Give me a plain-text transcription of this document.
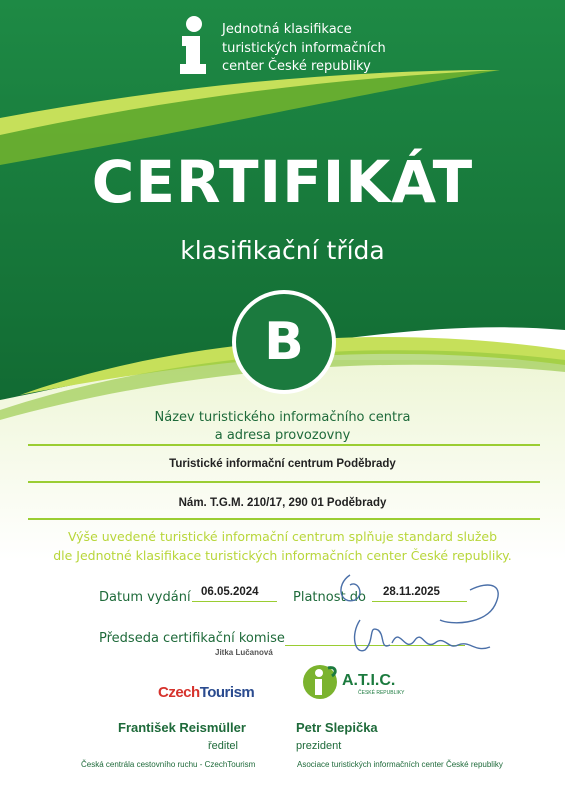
Jednotná klasifikace
turistických informačních
center České republiky
CERTIFIKÁT
klasifikační třída
B
Název turistického informačního centra
a adresa provozovny
Turistické informační centrum Poděbrady
Nám. T.G.M. 210/17, 290 01 Poděbrady
Výše uvedené turistické informační centrum splňuje standard služeb
dle Jednotné klasifikace turistických informačních center České republiky.
Datum vydání 06.05.2024	Platnost do 28.11.2025
Předseda certifikační komise
Jitka Lučanová
CzechTourism
A.T.I.C.
ČESKÉ REPUBLIKY
František Reismüller
ředitel
Česká centrála cestovního ruchu - CzechTourism
Petr Slepička
prezident
Asociace turistických informačních center České republiky
